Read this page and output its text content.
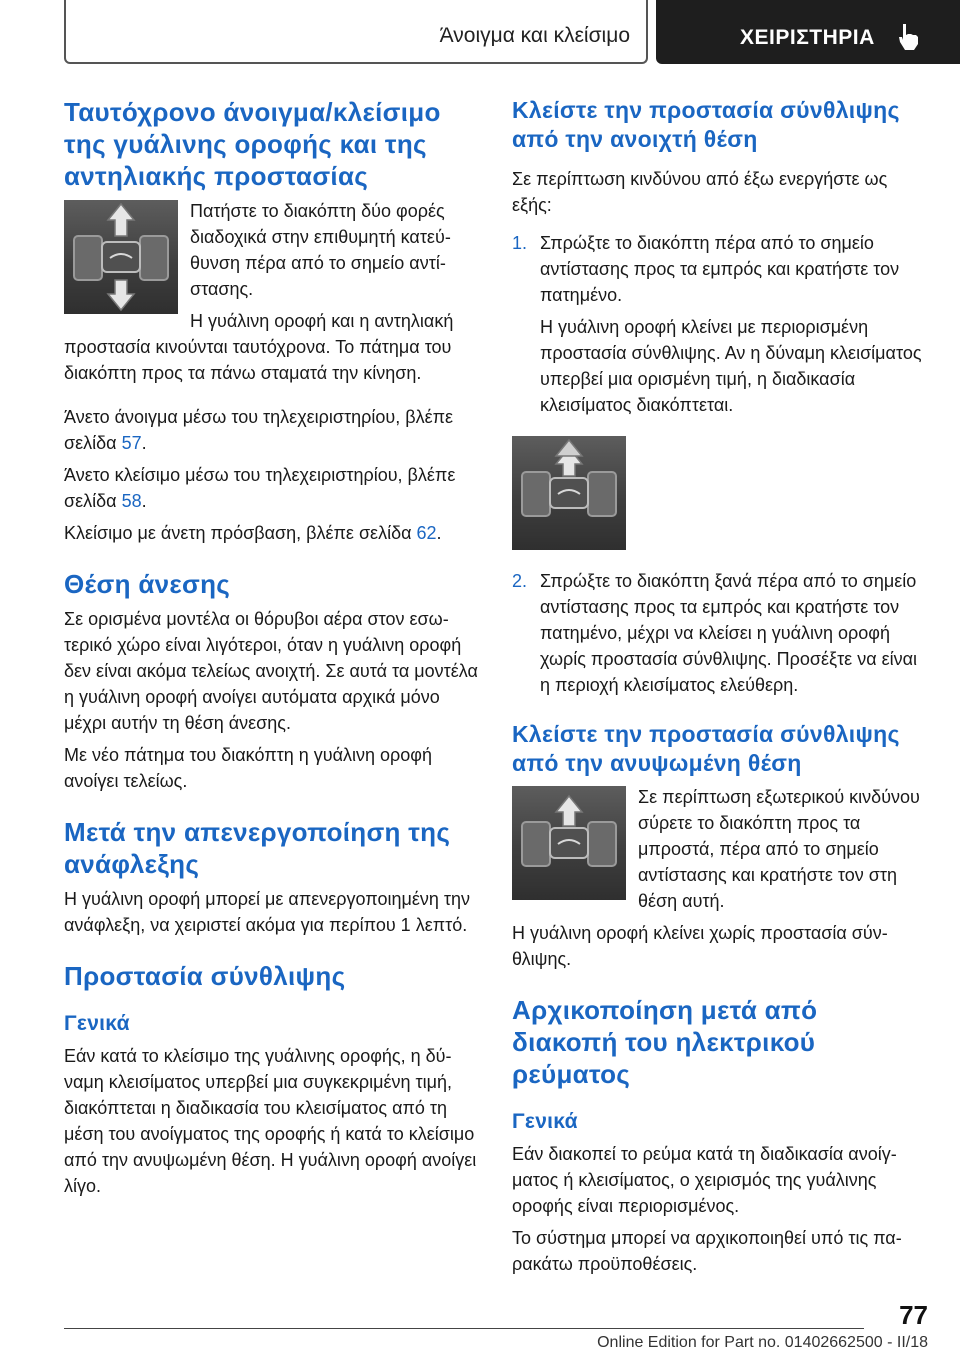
Άνοιγμα και κλείσιμο	ΧΕΙΡΙΣΤΗΡΙΑ
Ταυτόχρονο άνοιγμα/κλείσιμο της γυάλινης οροφής και της αντηλιακής προστασίας

Πατήστε το διακόπτη δύο φορές διαδοχικά στην επιθυμητή κατεύθυνση πέρα από το σημείο αντίστασης.

Η γυάλινη οροφή και η αντηλιακή προστασία κινούνται ταυτόχρονα. Το πάτημα του διακόπτη προς τα πάνω σταματά την κίνηση.

Άνετο άνοιγμα μέσω του τηλεχειριστηρίου, βλέπε σελίδα 57.

Άνετο κλείσιμο μέσω του τηλεχειριστηρίου, βλέπε σελίδα 58.

Κλείσιμο με άνετη πρόσβαση, βλέπε σελίδα 62.

Θέση άνεσης

Σε ορισμένα μοντέλα οι θόρυβοι αέρα στον εσωτερικό χώρο είναι λιγότεροι, όταν η γυάλινη οροφή δεν είναι ακόμα τελείως ανοιχτή. Σε αυτά τα μοντέλα η γυάλινη οροφή ανοίγει αυτόματα αρχικά μόνο μέχρι αυτήν τη θέση άνεσης.

Με νέο πάτημα του διακόπτη η γυάλινη οροφή ανοίγει τελείως.

Μετά την απενεργοποίηση της ανάφλεξης

Η γυάλινη οροφή μπορεί με απενεργοποιημένη την ανάφλεξη, να χειριστεί ακόμα για περίπου 1 λεπτό.

Προστασία σύνθλιψης
Γενικά

Εάν κατά το κλείσιμο της γυάλινης οροφής, η δύναμη κλεισίματος υπερβεί μια συγκεκριμένη τιμή, διακόπτεται η διαδικασία του κλεισίματος από τη μέση του ανοίγματος της οροφής ή κατά το κλείσιμο από την ανυψωμένη θέση. Η γυάλινη οροφή ανοίγει λίγο.

Κλείστε την προστασία σύνθλιψης από την ανοιχτή θέση

Σε περίπτωση κινδύνου από έξω ενεργήστε ως εξής:

1. Σπρώξτε το διακόπτη πέρα από το σημείο αντίστασης προς τα εμπρός και κρατήστε τον πατημένο.

Η γυάλινη οροφή κλείνει με περιορισμένη προστασία σύνθλιψης. Αν η δύναμη κλεισίματος υπερβεί μια ορισμένη τιμή, η διαδικασία κλεισίματος διακόπτεται.

2. Σπρώξτε το διακόπτη ξανά πέρα από το σημείο αντίστασης προς τα εμπρός και κρατήστε τον πατημένο, μέχρι να κλείσει η γυάλινη οροφή χωρίς προστασία σύνθλιψης. Προσέξτε να είναι η περιοχή κλεισίματος ελεύθερη.

Κλείστε την προστασία σύνθλιψης από την ανυψωμένη θέση

Σε περίπτωση εξωτερικού κινδύνου σύρετε το διακόπτη προς τα μπροστά, πέρα από το σημείο αντίστασης και κρατήστε τον στη θέση αυτή.

Η γυάλινη οροφή κλείνει χωρίς προστασία σύνθλιψης.

Αρχικοποίηση μετά από διακοπή του ηλεκτρικού ρεύματος
Γενικά

Εάν διακοπεί το ρεύμα κατά τη διαδικασία ανοίγματος ή κλεισίματος, ο χειρισμός της γυάλινης οροφής είναι περιορισμένος.

Το σύστημα μπορεί να αρχικοποιηθεί υπό τις παρακάτω προϋποθέσεις.

77
Online Edition for Part no. 01402662500 - II/18
